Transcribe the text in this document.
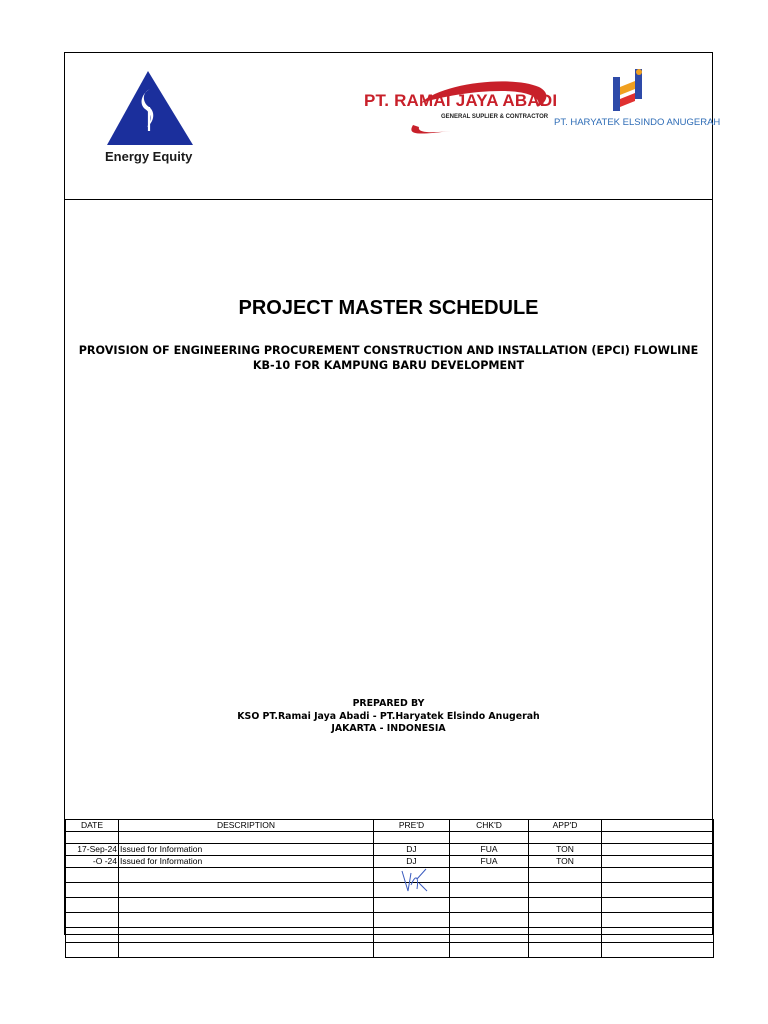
Energy Equity
PT. RAMAI JAYA ABADI
GENERAL SUPLIER & CONTRACTOR PT. HARYATEK ELSINDO ANUGERAH
PROJECT MASTER SCHEDULE
PROVISION OF ENGINEERING PROCUREMENT CONSTRUCTION AND INSTALLATION (EPCI) FLOWLINE
KB-10 FOR KAMPUNG BARU DEVELOPMENT
PREPARED BY
KSO PT.Ramai Jaya Abadi - PT.Haryatek Elsindo Anugerah
JAKARTA - INDONESIA
DATE	DESCRIPTION	PRE'D	CHK'D	APP'D	

17-Sep-24	Issued for Information	DJ	FUA	TON	
-O -24	Issued for Information	DJ	FUA	TON	
